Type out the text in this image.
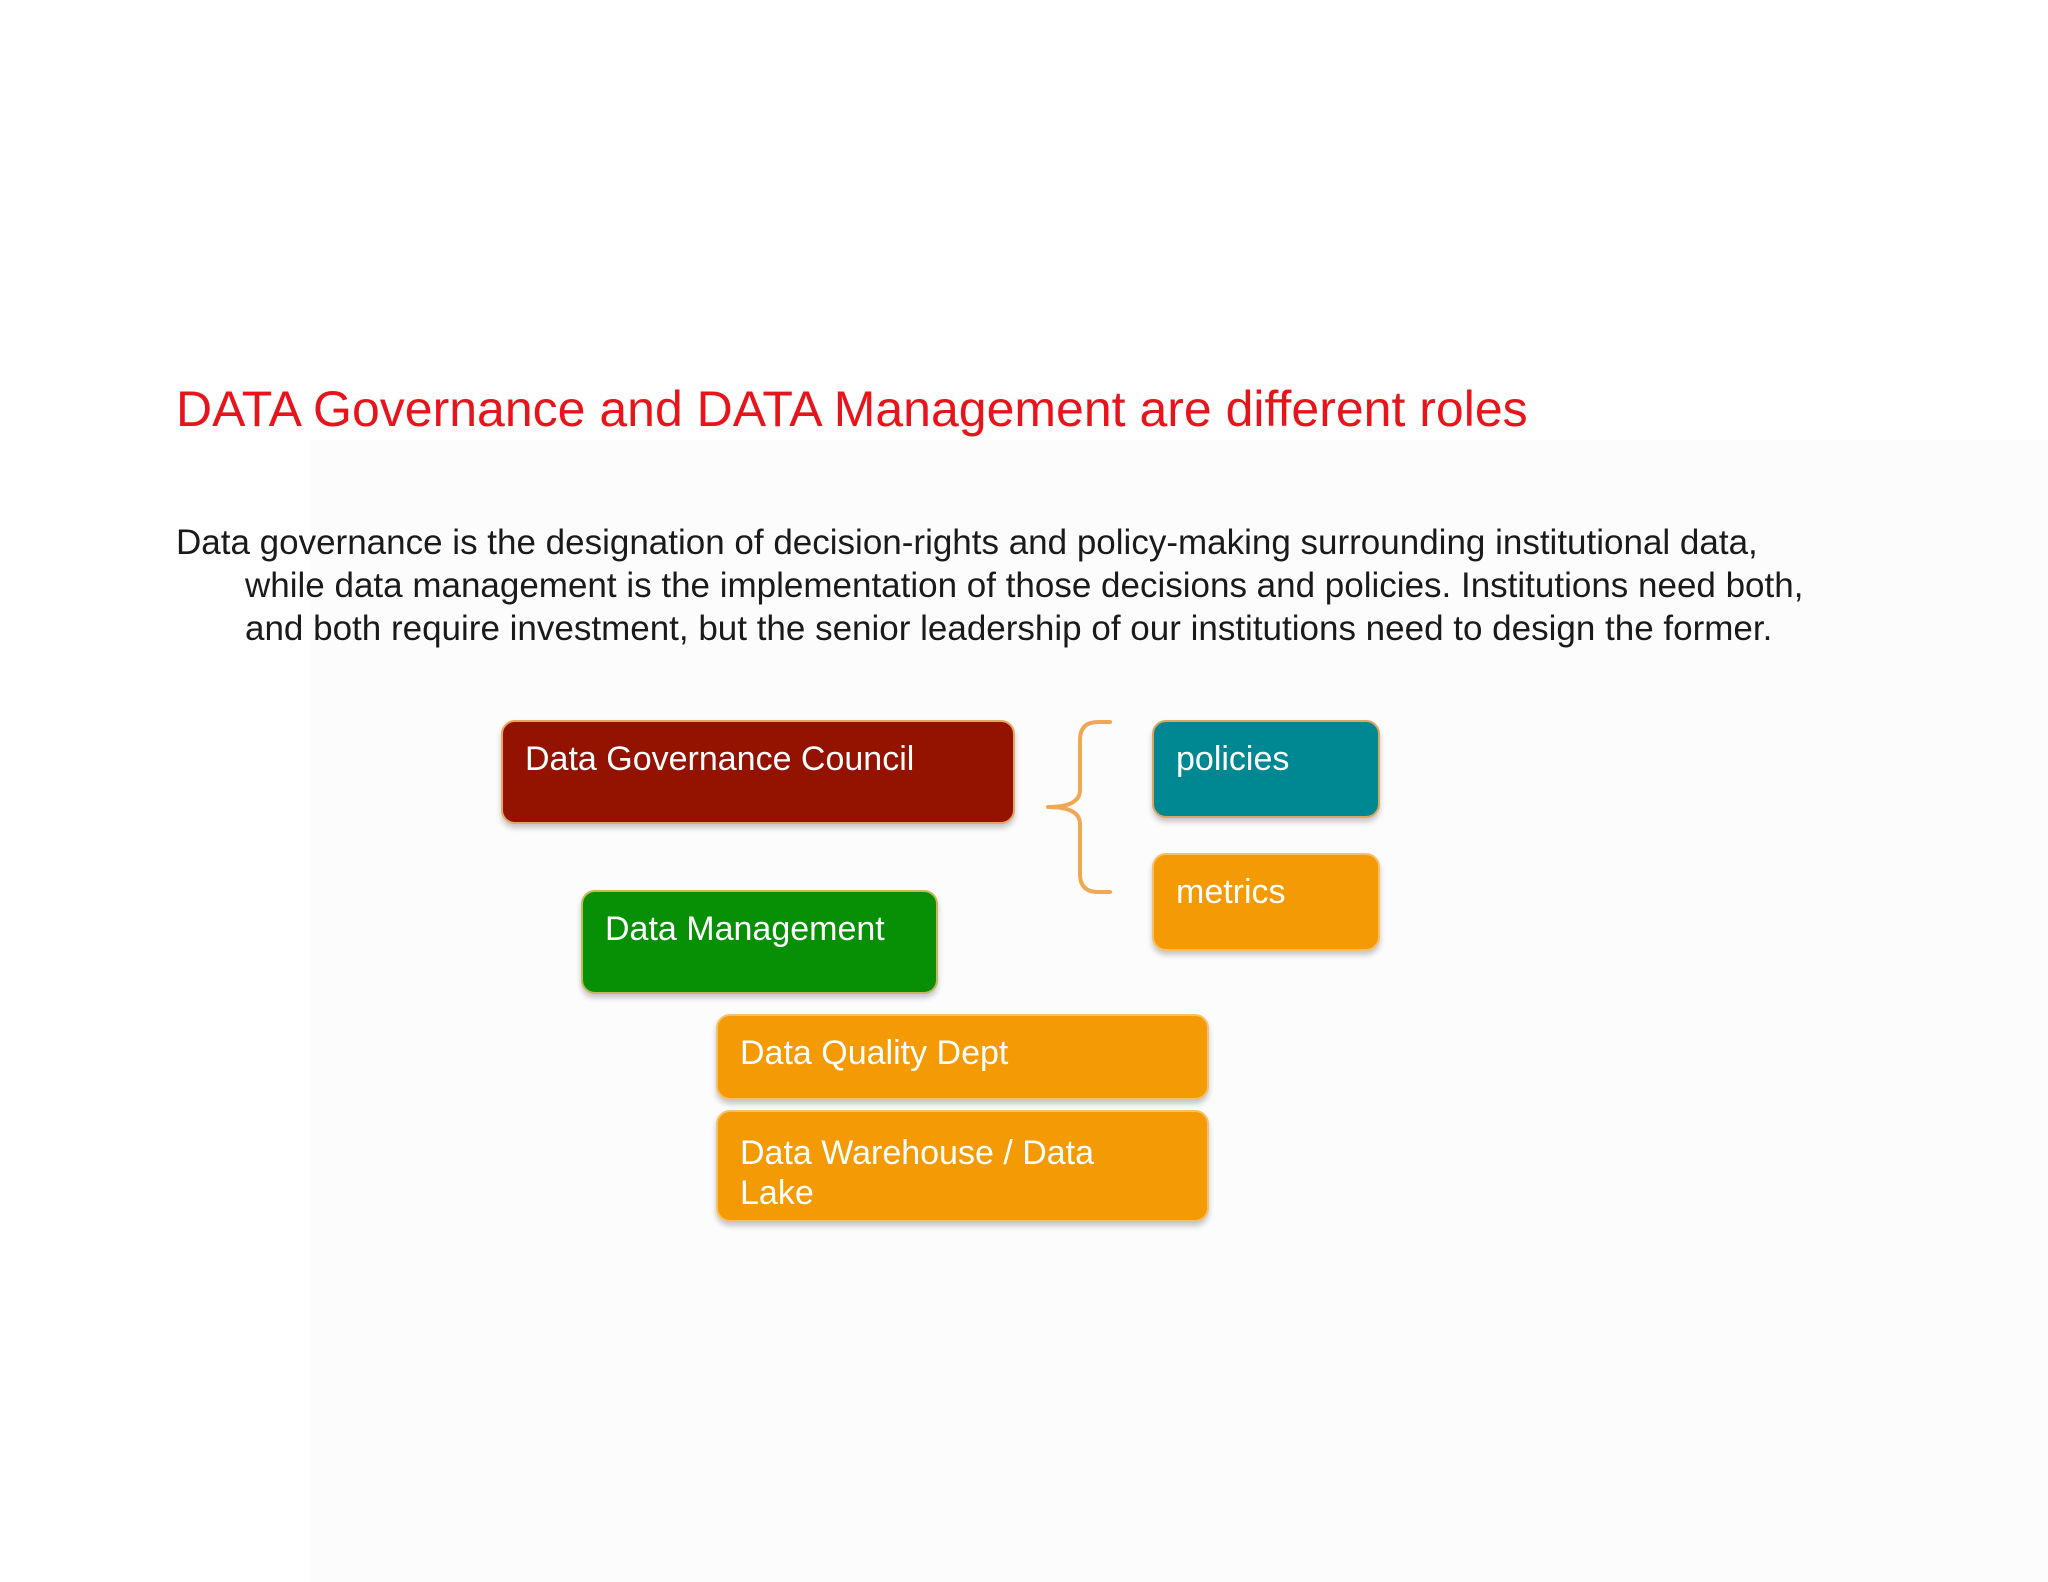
DATA Governance and DATA Management are different roles

Data governance is the designation of decision-rights and policy-making surrounding institutional data,
while data management is the implementation of those decisions and policies. Institutions need both,
and both require investment, but the senior leadership of our institutions need to design the former.

Data Governance Council	policies
metrics
Data Management
Data Quality Dept
Data Warehouse / Data
Lake
